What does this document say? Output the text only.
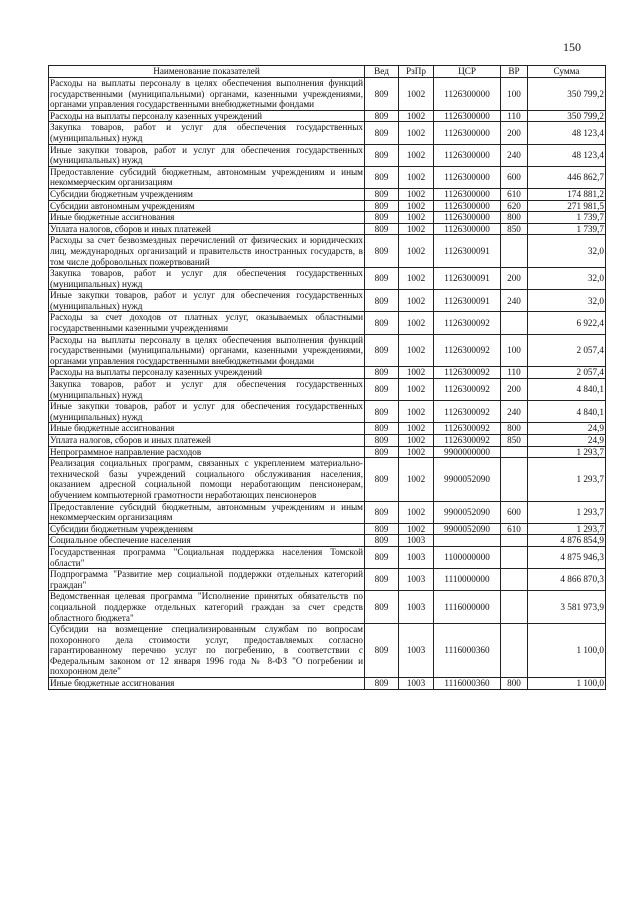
150
Наименование показателей	Вед	РзПр	ЦСР	ВР	Сумма
Расходы на выплаты персоналу в целях обеспечения выполнения функций государственными (муниципальными) органами, казенными учреждениями, органами управления государственными внебюджетными фондами	809	1002	1126300000	100	350 799,2
Расходы на выплаты персоналу казенных учреждений	809	1002	1126300000	110	350 799,2
Закупка товаров, работ и услуг для обеспечения государственных (муниципальных) нужд	809	1002	1126300000	200	48 123,4
Иные закупки товаров, работ и услуг для обеспечения государственных (муниципальных) нужд	809	1002	1126300000	240	48 123,4
Предоставление субсидий бюджетным, автономным учреждениям и иным некоммерческим организациям	809	1002	1126300000	600	446 862,7
Субсидии бюджетным учреждениям	809	1002	1126300000	610	174 881,2
Субсидии автономным учреждениям	809	1002	1126300000	620	271 981,5
Иные бюджетные ассигнования	809	1002	1126300000	800	1 739,7
Уплата налогов, сборов и иных платежей	809	1002	1126300000	850	1 739,7
Расходы за счет безвозмездных перечислений от физических и юридических лиц, международных организаций и правительств иностранных государств, в том числе добровольных пожертвований	809	1002	1126300091		32,0
Закупка товаров, работ и услуг для обеспечения государственных (муниципальных) нужд	809	1002	1126300091	200	32,0
Иные закупки товаров, работ и услуг для обеспечения государственных (муниципальных) нужд	809	1002	1126300091	240	32,0
Расходы за счет доходов от платных услуг, оказываемых областными государственными казенными учреждениями	809	1002	1126300092		6 922,4
Расходы на выплаты персоналу в целях обеспечения выполнения функций государственными (муниципальными) органами, казенными учреждениями, органами управления государственными внебюджетными фондами	809	1002	1126300092	100	2 057,4
Расходы на выплаты персоналу казенных учреждений	809	1002	1126300092	110	2 057,4
Закупка товаров, работ и услуг для обеспечения государственных (муниципальных) нужд	809	1002	1126300092	200	4 840,1
Иные закупки товаров, работ и услуг для обеспечения государственных (муниципальных) нужд	809	1002	1126300092	240	4 840,1
Иные бюджетные ассигнования	809	1002	1126300092	800	24,9
Уплата налогов, сборов и иных платежей	809	1002	1126300092	850	24,9
Непрограммное направление расходов	809	1002	9900000000		1 293,7
Реализация социальных программ, связанных с укреплением материально-технической базы учреждений социального обслуживания населения, оказанием адресной социальной помощи неработающим пенсионерам, обучением компьютерной грамотности неработающих пенсионеров	809	1002	9900052090		1 293,7
Предоставление субсидий бюджетным, автономным учреждениям и иным некоммерческим организациям	809	1002	9900052090	600	1 293,7
Субсидии бюджетным учреждениям	809	1002	9900052090	610	1 293,7
Социальное обеспечение населения	809	1003			4 876 854,9
Государственная программа "Социальная поддержка населения Томской области"	809	1003	1100000000		4 875 946,3
Подпрограмма "Развитие мер социальной поддержки отдельных категорий граждан"	809	1003	1110000000		4 866 870,3
Ведомственная целевая программа "Исполнение принятых обязательств по социальной поддержке отдельных категорий граждан за счет средств областного бюджета"	809	1003	1116000000		3 581 973,9
Субсидии на возмещение специализированным службам по вопросам похоронного дела стоимости услуг, предоставляемых согласно гарантированному перечню услуг по погребению, в соответствии с Федеральным законом от 12 января 1996 года № 8-ФЗ "О погребении и похоронном деле"	809	1003	1116000360		1 100,0
Иные бюджетные ассигнования	809	1003	1116000360	800	1 100,0
